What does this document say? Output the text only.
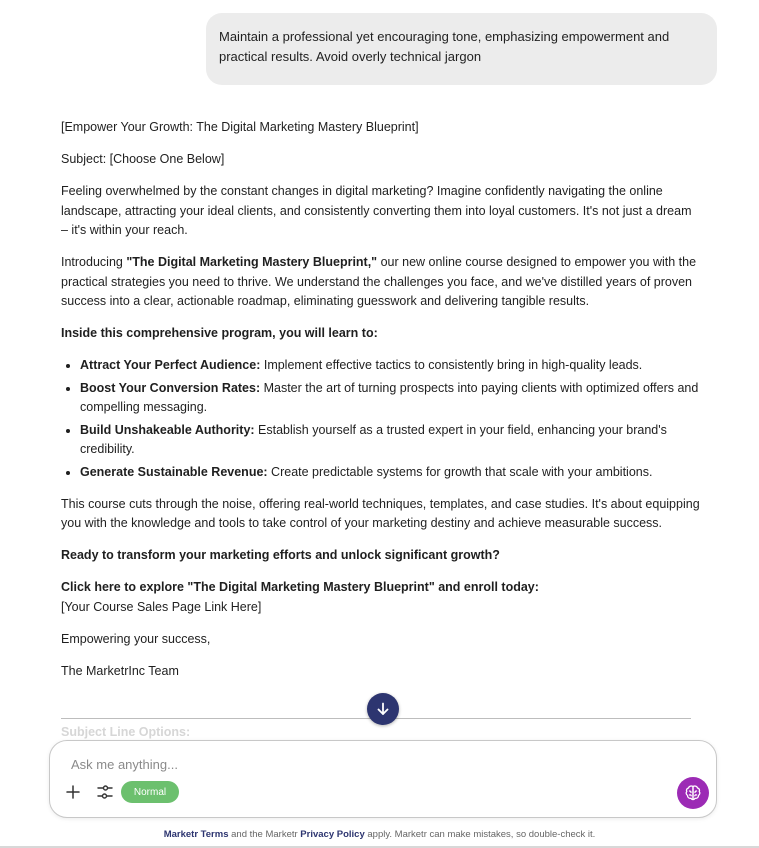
Maintain a professional yet encouraging tone, emphasizing empowerment and practical results. Avoid overly technical jargon

[Empower Your Growth: The Digital Marketing Mastery Blueprint]

Subject: [Choose One Below]

Feeling overwhelmed by the constant changes in digital marketing? Imagine confidently navigating the online landscape, attracting your ideal clients, and consistently converting them into loyal customers. It's not just a dream – it's within your reach.

Introducing "The Digital Marketing Mastery Blueprint," our new online course designed to empower you with the practical strategies you need to thrive. We understand the challenges you face, and we've distilled years of proven success into a clear, actionable roadmap, eliminating guesswork and delivering tangible results.

Inside this comprehensive program, you will learn to:

• Attract Your Perfect Audience: Implement effective tactics to consistently bring in high-quality leads.
• Boost Your Conversion Rates: Master the art of turning prospects into paying clients with optimized offers and compelling messaging.
• Build Unshakeable Authority: Establish yourself as a trusted expert in your field, enhancing your brand's credibility.
• Generate Sustainable Revenue: Create predictable systems for growth that scale with your ambitions.

This course cuts through the noise, offering real-world techniques, templates, and case studies. It's about equipping you with the knowledge and tools to take control of your marketing destiny and achieve measurable success.

Ready to transform your marketing efforts and unlock significant growth?

Click here to explore "The Digital Marketing Mastery Blueprint" and enroll today:
[Your Course Sales Page Link Here]

Empowering your success,

The MarketrInc Team

Subject Line Options:
Ask me anything...
Normal
Marketr Terms and the Marketr Privacy Policy apply. Marketr can make mistakes, so double-check it.
